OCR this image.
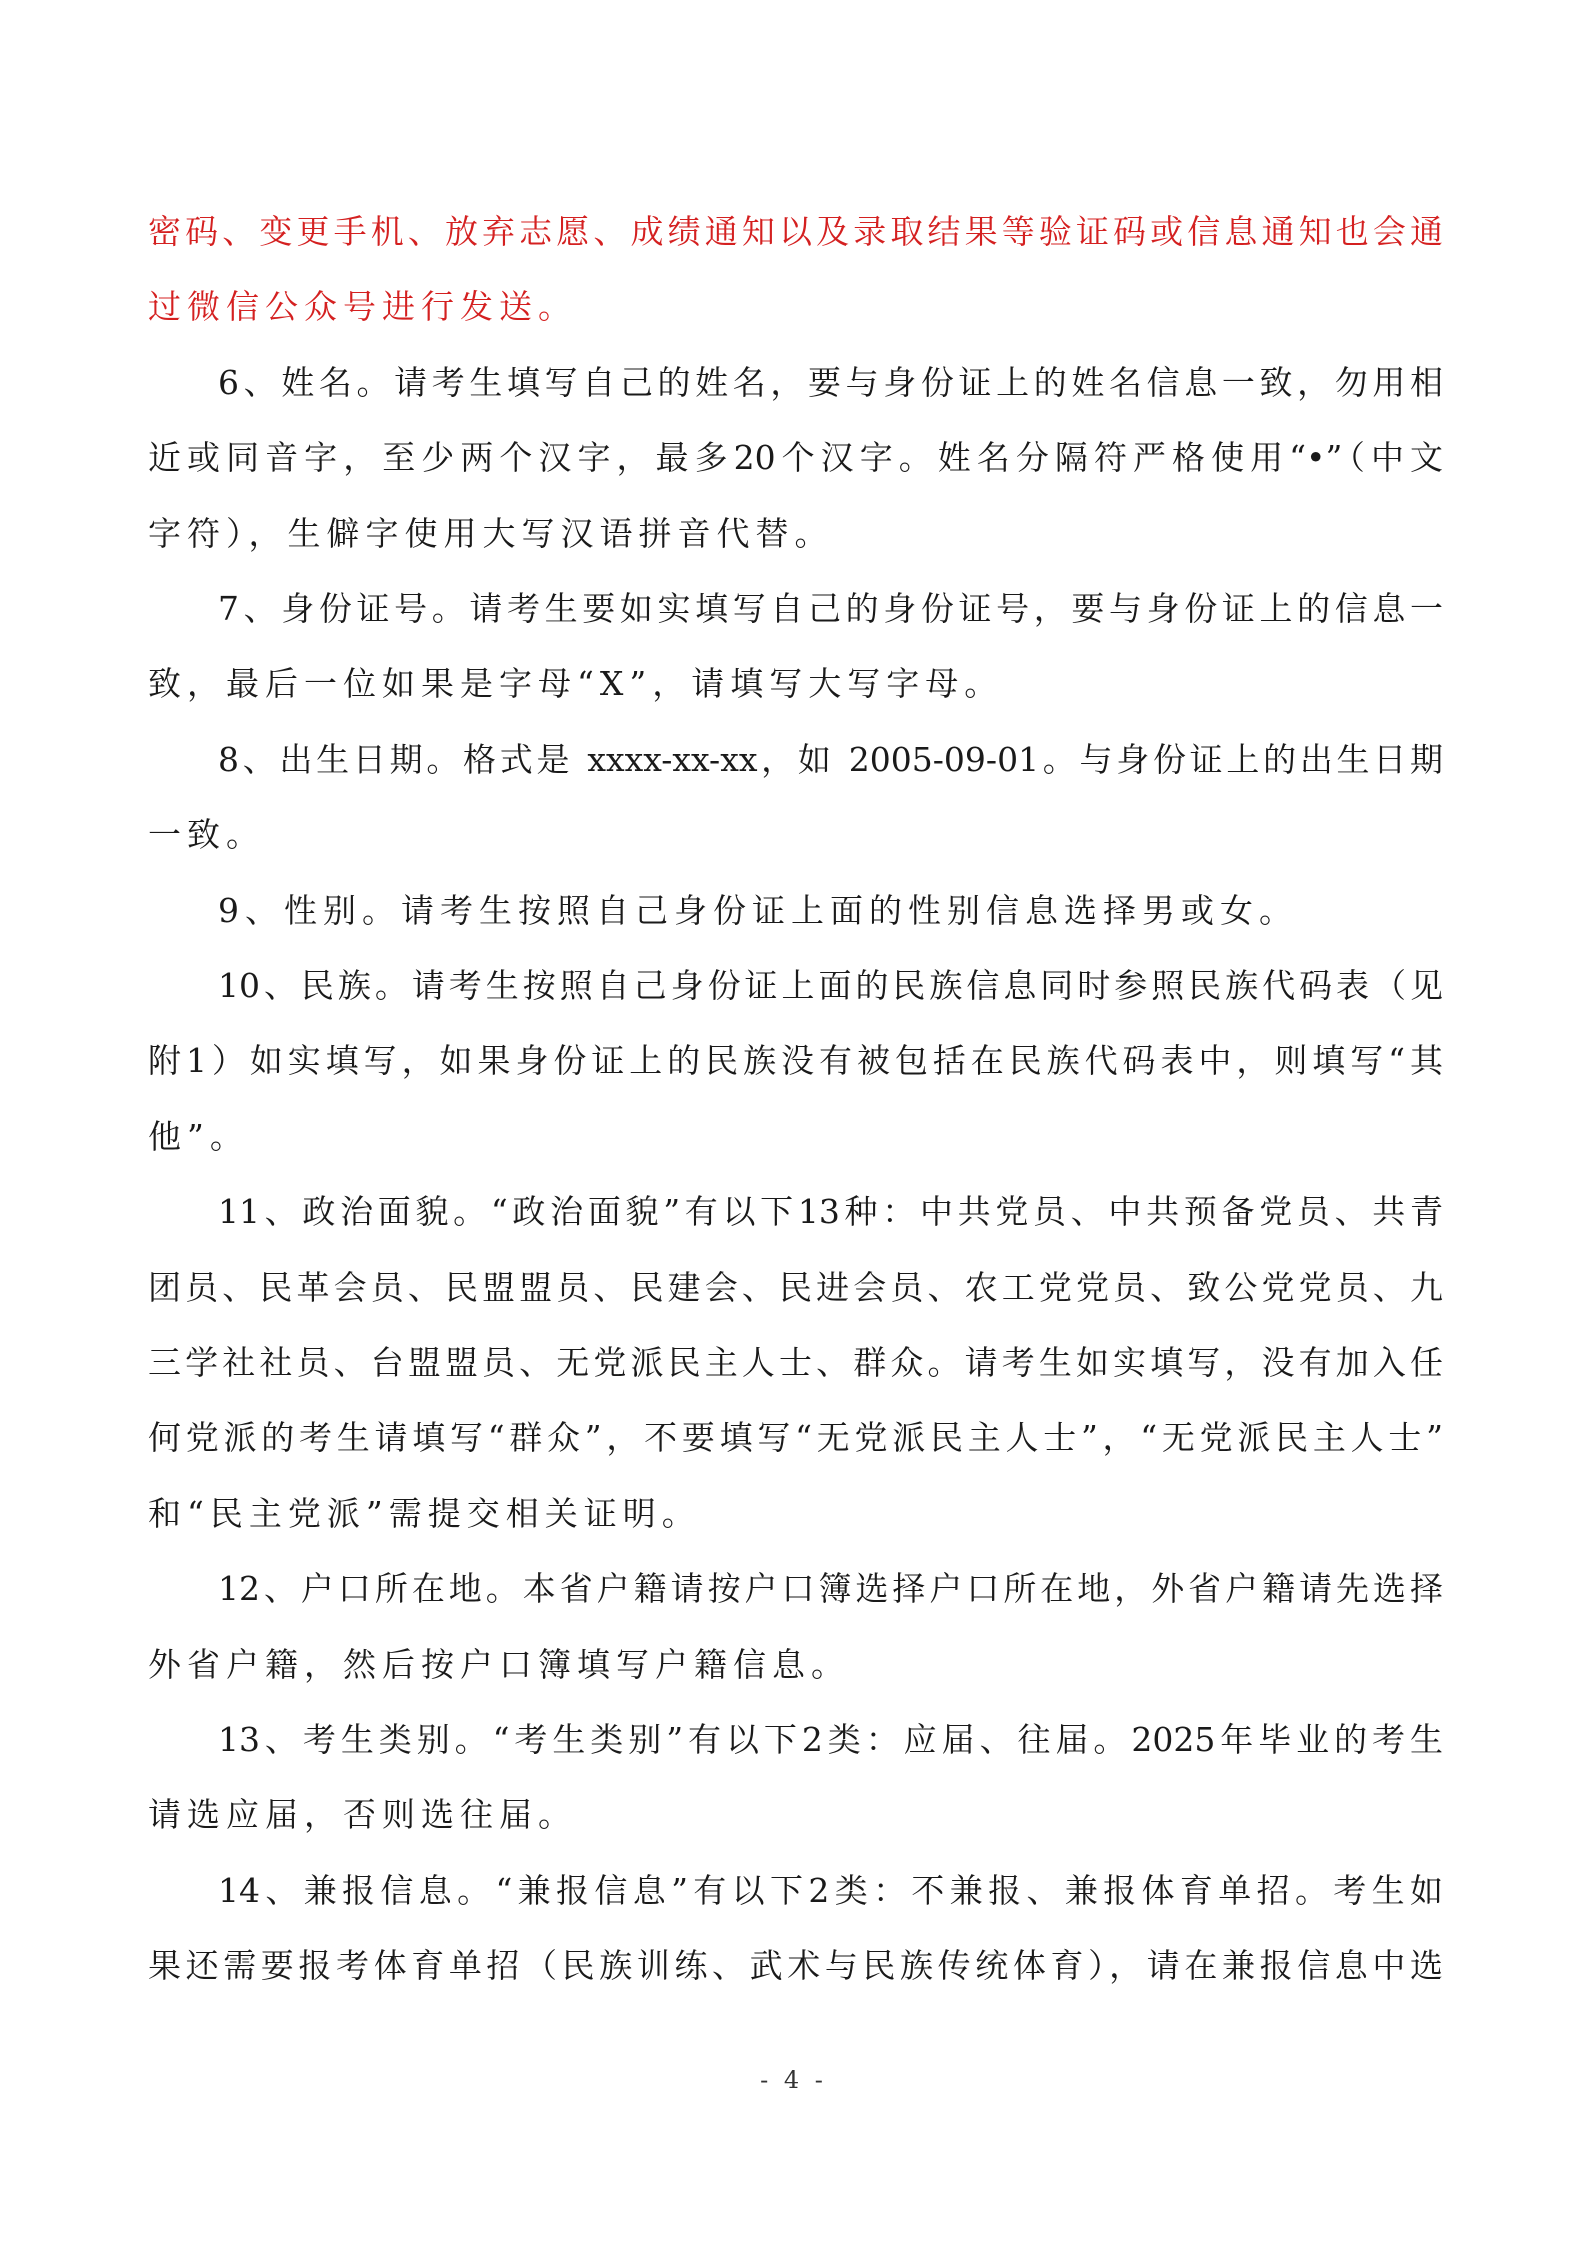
密码、变更手机、放弃志愿、成绩通知以及录取结果等验证码或信息通知也会通
过微信公众号进行发送。
6、姓名。请考生填写自己的姓名，要与身份证上的姓名信息一致，勿用相
近或同音字，至少两个汉字，最多20个汉字。姓名分隔符严格使用“•”（中文
字符），生僻字使用大写汉语拼音代替。
7、身份证号。请考生要如实填写自己的身份证号，要与身份证上的信息一
致，最后一位如果是字母“X”，请填写大写字母。
8、出生日期。格式是 xxxx-xx-xx，如 2005-09-01。与身份证上的出生日期
一致。
9、性别。请考生按照自己身份证上面的性别信息选择男或女。
10、民族。请考生按照自己身份证上面的民族信息同时参照民族代码表（见
附1）如实填写，如果身份证上的民族没有被包括在民族代码表中，则填写“其
他”。
11、政治面貌。“政治面貌”有以下13种：中共党员、中共预备党员、共青
团员、民革会员、民盟盟员、民建会、民进会员、农工党党员、致公党党员、九
三学社社员、台盟盟员、无党派民主人士、群众。请考生如实填写，没有加入任
何党派的考生请填写“群众”，不要填写“无党派民主人士”，“无党派民主人士”
和“民主党派”需提交相关证明。
12、户口所在地。本省户籍请按户口簿选择户口所在地，外省户籍请先选择
外省户籍，然后按户口簿填写户籍信息。
13、考生类别。“考生类别”有以下2类：应届、往届。2025年毕业的考生
请选应届，否则选往届。
14、兼报信息。“兼报信息”有以下2类：不兼报、兼报体育单招。考生如
果还需要报考体育单招（民族训练、武术与民族传统体育），请在兼报信息中选
- 4 -
